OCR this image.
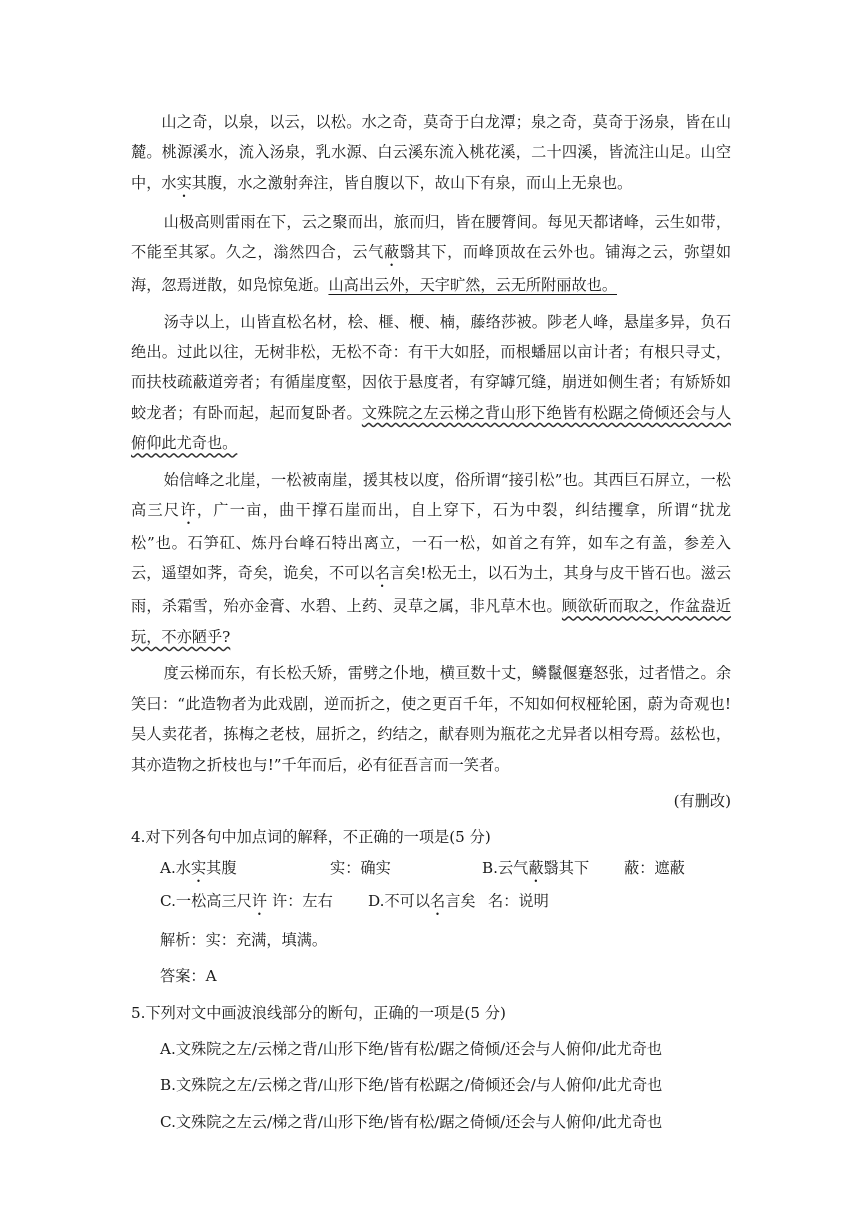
山之奇，以泉，以云，以松。水之奇，莫奇于白龙潭；泉之奇，莫奇于汤泉，皆在山麓。桃源溪水，流入汤泉，乳水源、白云溪东流入桃花溪，二十四溪，皆流注山足。山空中，水实其腹，水之激射奔注，皆自腹以下，故山下有泉，而山上无泉也。

山极高则雷雨在下，云之聚而出，旅而归，皆在腰膂间。每见天都诸峰，云生如带，不能至其冢。久之，滃然四合，云气蔽翳其下，而峰顶故在云外也。铺海之云，弥望如海，忽焉迸散，如凫惊兔逝。山高出云外，天宇旷然，云无所附丽故也。

汤寺以上，山皆直松名材，桧、榧、楩、楠，藤络莎被。陟老人峰，悬崖多异，负石绝出。过此以往，无树非松，无松不奇：有干大如胫，而根蟠屈以亩计者；有根只寻丈，而扶枝疏蔽道旁者；有循崖度壑，因依于悬度者，有穿罅冗缝，崩迸如侧生者；有矫矫如蛟龙者；有卧而起，起而复卧者。文殊院之左云梯之背山形下绝皆有松踞之倚倾还会与人俯仰此尤奇也。

始信峰之北崖，一松被南崖，援其枝以度，俗所谓“接引松”也。其西巨石屏立，一松高三尺许，广一亩，曲干撑石崖而出，自上穿下，石为中裂，纠结攫拿，所谓“扰龙松”也。石笋矼、炼丹台峰石特出离立，一石一松，如首之有笄，如车之有盖，参差入云，遥望如荠，奇矣，诡矣，不可以名言矣!松无土，以石为土，其身与皮干皆石也。滋云雨，杀霜雪，殆亦金膏、水碧、上药、灵草之属，非凡草木也。顾欲斫而取之，作盆盎近玩，不亦陋乎?

度云梯而东，有长松夭矫，雷劈之仆地，横亘数十丈，鳞鬣偃蹇怒张，过者惜之。余笑曰：“此造物者为此戏剧，逆而折之，使之更百千年，不知如何杈桠轮囷，蔚为奇观也!吴人卖花者，拣梅之老枝，屈折之，约结之，献春则为瓶花之尤异者以相夸焉。兹松也，其亦造物之折枝也与!”千年而后，必有征吾言而一笑者。

(有删改)

4.对下列各句中加点词的解释，不正确的一项是(5 分)

A.水实其腹	实：确实	B.云气蔽翳其下	蔽：遮蔽

C.一松高三尺许 许：左右	D.不可以名言矣 名：说明

解析：实：充满，填满。

答案：A

5.下列对文中画波浪线部分的断句，正确的一项是(5 分)

A.文殊院之左/云梯之背/山形下绝/皆有松/踞之倚倾/还会与人俯仰/此尤奇也

B.文殊院之左/云梯之背/山形下绝/皆有松踞之/倚倾还会/与人俯仰/此尤奇也

C.文殊院之左云/梯之背/山形下绝/皆有松/踞之倚倾/还会与人俯仰/此尤奇也
